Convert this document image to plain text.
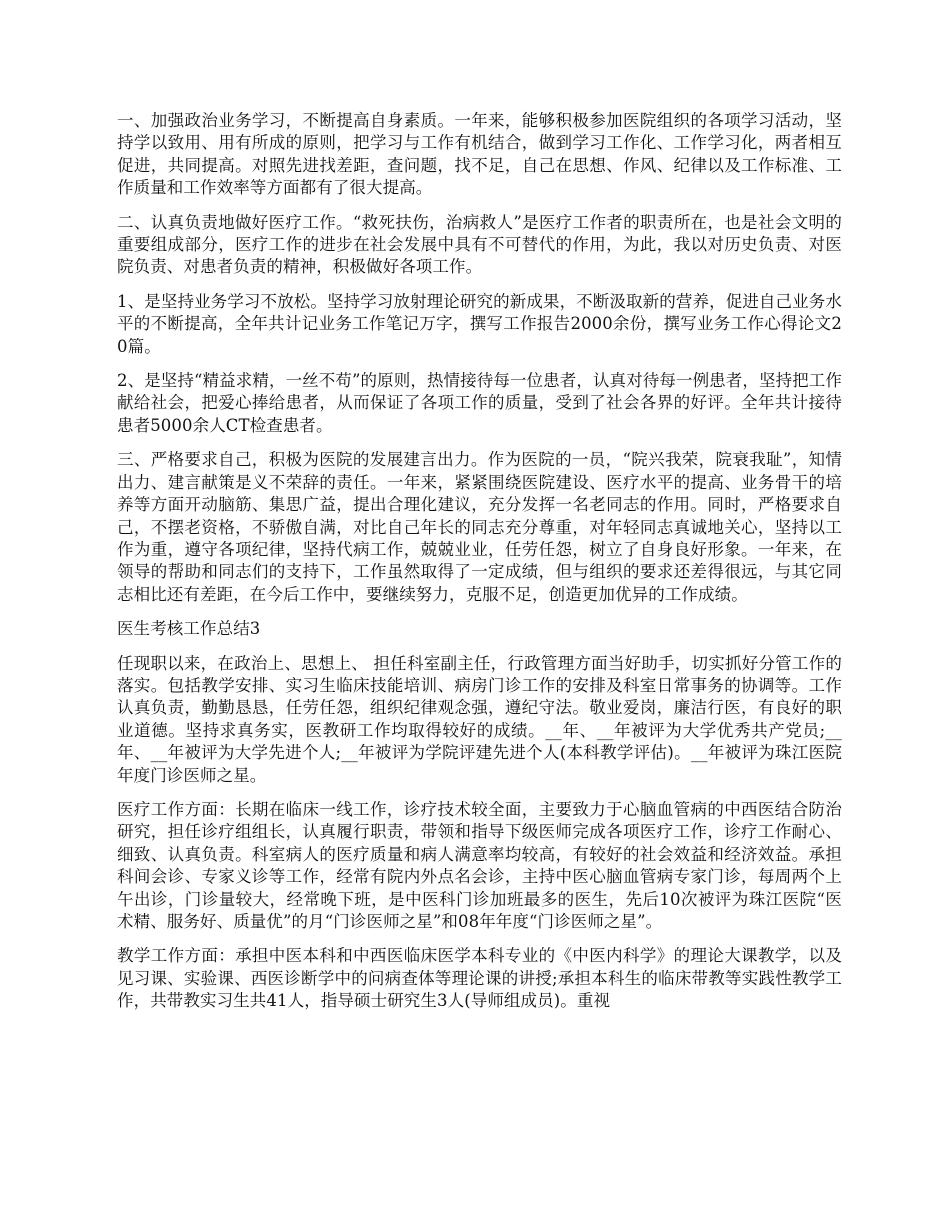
一、加强政治业务学习，不断提高自身素质。一年来，能够积极参加医院组织的各项学习活动，坚持学以致用、用有所成的原则，把学习与工作有机结合，做到学习工作化、工作学习化，两者相互促进，共同提高。对照先进找差距，查问题，找不足，自己在思想、作风、纪律以及工作标准、工作质量和工作效率等方面都有了很大提高。

二、认真负责地做好医疗工作。“救死扶伤，治病救人”是医疗工作者的职责所在，也是社会文明的重要组成部分，医疗工作的进步在社会发展中具有不可替代的作用，为此，我以对历史负责、对医院负责、对患者负责的精神，积极做好各项工作。

1、是坚持业务学习不放松。坚持学习放射理论研究的新成果，不断汲取新的营养，促进自己业务水平的不断提高，全年共计记业务工作笔记万字，撰写工作报告2000余份，撰写业务工作心得论文20篇。

2、是坚持“精益求精，一丝不苟”的原则，热情接待每一位患者，认真对待每一例患者，坚持把工作献给社会，把爱心捧给患者，从而保证了各项工作的质量，受到了社会各界的好评。全年共计接待患者5000余人CT检查患者。

三、严格要求自己，积极为医院的发展建言出力。作为医院的一员，“院兴我荣，院衰我耻”，知情出力、建言献策是义不荣辞的责任。一年来，紧紧围绕医院建设、医疗水平的提高、业务骨干的培养等方面开动脑筋、集思广益，提出合理化建议，充分发挥一名老同志的作用。同时，严格要求自己，不摆老资格，不骄傲自满，对比自己年长的同志充分尊重，对年轻同志真诚地关心，坚持以工作为重，遵守各项纪律，坚持代病工作，兢兢业业，任劳任怨，树立了自身良好形象。一年来，在领导的帮助和同志们的支持下，工作虽然取得了一定成绩，但与组织的要求还差得很远，与其它同志相比还有差距，在今后工作中，要继续努力，克服不足，创造更加优异的工作成绩。

医生考核工作总结3

任现职以来，在政治上、思想上、 担任科室副主任，行政管理方面当好助手，切实抓好分管工作的落实。包括教学安排、实习生临床技能培训、病房门诊工作的安排及科室日常事务的协调等。工作认真负责，勤勤恳恳，任劳任怨，组织纪律观念强，遵纪守法。敬业爱岗，廉洁行医，有良好的职业道德。坚持求真务实，医教研工作均取得较好的成绩。__年、__年被评为大学优秀共产党员;__年、__年被评为大学先进个人;__年被评为学院评建先进个人(本科教学评估)。__年被评为珠江医院年度门诊医师之星。

医疗工作方面：长期在临床一线工作，诊疗技术较全面，主要致力于心脑血管病的中西医结合防治研究，担任诊疗组组长，认真履行职责，带领和指导下级医师完成各项医疗工作，诊疗工作耐心、细致、认真负责。科室病人的医疗质量和病人满意率均较高，有较好的社会效益和经济效益。承担科间会诊、专家义诊等工作，经常有院内外点名会诊，主持中医心脑血管病专家门诊，每周两个上午出诊，门诊量较大，经常晚下班，是中医科门诊加班最多的医生，先后10次被评为珠江医院“医术精、服务好、质量优”的月“门诊医师之星”和08年年度“门诊医师之星”。

教学工作方面：承担中医本科和中西医临床医学本科专业的《中医内科学》的理论大课教学，以及见习课、实验课、西医诊断学中的问病查体等理论课的讲授;承担本科生的临床带教等实践性教学工作，共带教实习生共41人，指导硕士研究生3人(导师组成员)。重视
